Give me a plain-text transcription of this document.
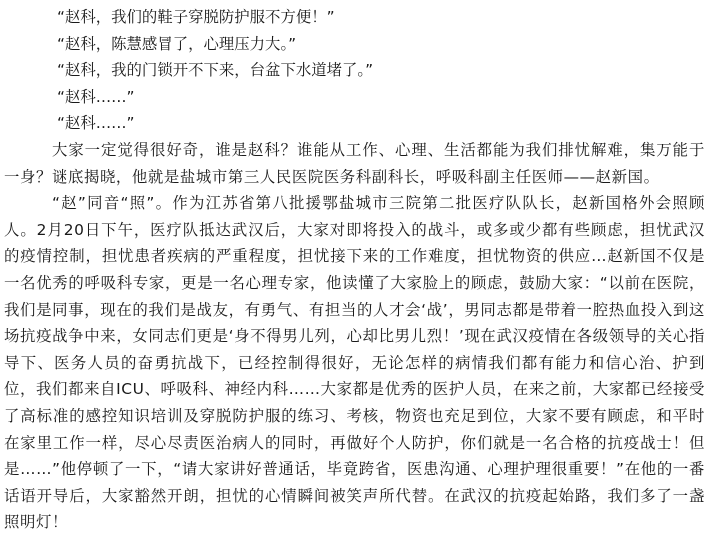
“赵科，我们的鞋子穿脱防护服不方便！”
“赵科，陈慧感冒了，心理压力大。”
“赵科，我的门锁开不下来，台盆下水道堵了。”
“赵科……”
“赵科……”

大家一定觉得很好奇，谁是赵科？谁能从工作、心理、生活都能为我们排忧解难，集万能于一身？谜底揭晓，他就是盐城市第三人民医院医务科副科长，呼吸科副主任医师——赵新国。

“赵”同音“照”。作为江苏省第八批援鄂盐城市三院第二批医疗队队长，赵新国格外会照顾人。2月20日下午，医疗队抵达武汉后，大家对即将投入的战斗，或多或少都有些顾虑，担忧武汉的疫情控制，担忧患者疾病的严重程度，担忧接下来的工作难度，担忧物资的供应…赵新国不仅是一名优秀的呼吸科专家，更是一名心理专家，他读懂了大家脸上的顾虑，鼓励大家：“以前在医院，我们是同事，现在的我们是战友，有勇气、有担当的人才会‘战’，男同志都是带着一腔热血投入到这场抗疫战争中来，女同志们更是‘身不得男儿列，心却比男儿烈！’现在武汉疫情在各级领导的关心指导下、医务人员的奋勇抗战下，已经控制得很好，无论怎样的病情我们都有能力和信心治、护到位，我们都来自ICU、呼吸科、神经内科……大家都是优秀的医护人员，在来之前，大家都已经接受了高标准的感控知识培训及穿脱防护服的练习、考核，物资也充足到位，大家不要有顾虑，和平时在家里工作一样，尽心尽责医治病人的同时，再做好个人防护，你们就是一名合格的抗疫战士！但是……”他停顿了一下，“请大家讲好普通话，毕竟跨省，医患沟通、心理护理很重要！”在他的一番话语开导后，大家豁然开朗，担忧的心情瞬间被笑声所代替。在武汉的抗疫起始路，我们多了一盏照明灯！
